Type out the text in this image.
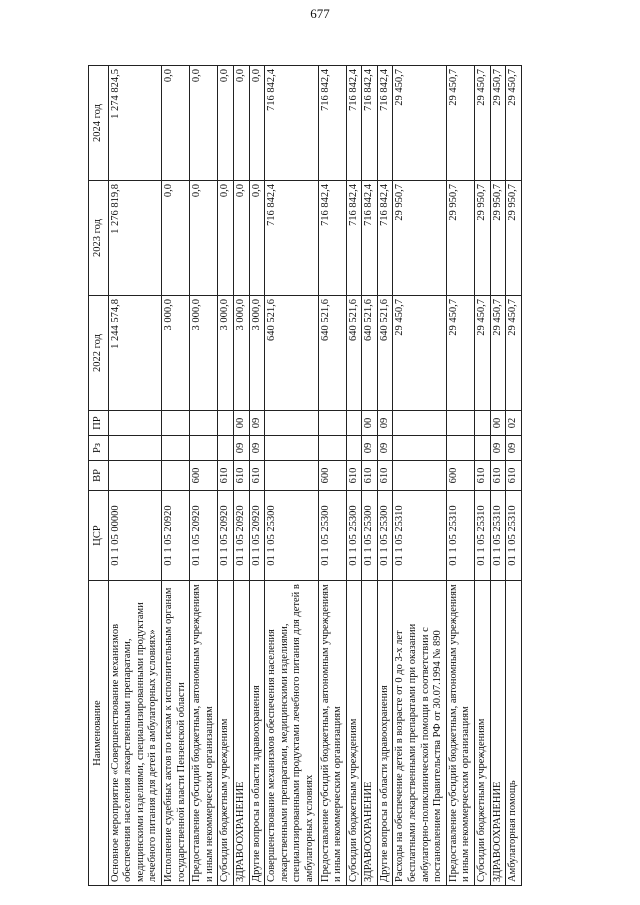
677
Наименование	ЦСР	ВР	Рз	ПР	2022 год	2023 год	2024 год
Основное мероприятие «Совершенствование механизмов обеспечения населения лекарственными препаратами, медицинскими изделиями, специализированными продуктами лечебного питания для детей в амбулаторных условиях»	01 1 05 00000				1 244 574,8	1 276 819,8	1 274 824,5
Исполнение судебных актов по искам к исполнительным органам государственной власти Пензенской области	01 1 05 20920				3 000,0	0,0	0,0
Предоставление субсидий бюджетным, автономным учреждениям и иным некоммерческим организациям	01 1 05 20920	600			3 000,0	0,0	0,0
Субсидии бюджетным учреждениям	01 1 05 20920	610			3 000,0	0,0	0,0
ЗДРАВООХРАНЕНИЕ	01 1 05 20920	610	09	00	3 000,0	0,0	0,0
Другие вопросы в области здравоохранения	01 1 05 20920	610	09	09	3 000,0	0,0	0,0
Совершенствование механизмов обеспечения населения лекарственными препаратами, медицинскими изделиями, специализированными продуктами лечебного питания для детей в амбулаторных условиях	01 1 05 25300				640 521,6	716 842,4	716 842,4
Предоставление субсидий бюджетным, автономным учреждениям и иным некоммерческим организациям	01 1 05 25300	600			640 521,6	716 842,4	716 842,4
Субсидии бюджетным учреждениям	01 1 05 25300	610			640 521,6	716 842,4	716 842,4
ЗДРАВООХРАНЕНИЕ	01 1 05 25300	610	09	00	640 521,6	716 842,4	716 842,4
Другие вопросы в области здравоохранения	01 1 05 25300	610	09	09	640 521,6	716 842,4	716 842,4
Расходы на обеспечение детей в возрасте от 0 до 3-х лет бесплатными лекарственными препаратами при оказании амбулаторно-поликлинической помощи в соответствии с постановлением Правительства РФ от 30.07.1994 № 890	01 1 05 25310				29 450,7	29 950,7	29 450,7
Предоставление субсидий бюджетным, автономным учреждениям и иным некоммерческим организациям	01 1 05 25310	600			29 450,7	29 950,7	29 450,7
Субсидии бюджетным учреждениям	01 1 05 25310	610			29 450,7	29 950,7	29 450,7
ЗДРАВООХРАНЕНИЕ	01 1 05 25310	610	09	00	29 450,7	29 950,7	29 450,7
Амбулаторная помощь	01 1 05 25310	610	09	02	29 450,7	29 950,7	29 450,7
